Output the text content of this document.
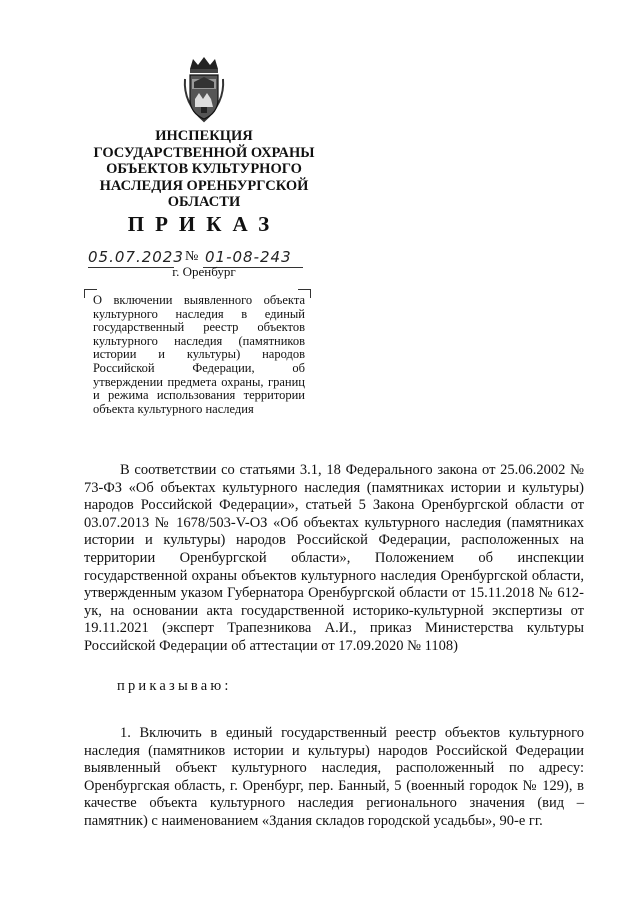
ИНСПЕКЦИЯ
ГОСУДАРСТВЕННОЙ ОХРАНЫ
ОБЪЕКТОВ КУЛЬТУРНОГО
НАСЛЕДИЯ ОРЕНБУРГСКОЙ
ОБЛАСТИ
ПРИКАЗ
05.07.2023 № 01-08-243
г. Оренбург
О включении выявленного объекта культурного наследия в единый государственный реестр объектов культурного наследия (памятников истории и культуры) народов Российской Федерации, об утверждении предмета охраны, границ и режима использования территории объекта культурного наследия
В соответствии со статьями 3.1, 18 Федерального закона от 25.06.2002 № 73-ФЗ «Об объектах культурного наследия (памятниках истории и культуры) народов Российской Федерации», статьей 5 Закона Оренбургской области от 03.07.2013 № 1678/503-V-ОЗ «Об объектах культурного наследия (памятниках истории и культуры) народов Российской Федерации, расположенных на территории Оренбургской области», Положением об инспекции государственной охраны объектов культурного наследия Оренбургской области, утвержденным указом Губернатора Оренбургской области от 15.11.2018 № 612-ук, на основании акта государственной историко-культурной экспертизы от 19.11.2021 (эксперт Трапезникова А.И., приказ Министерства культуры Российской Федерации об аттестации от 17.09.2020 № 1108)
приказываю:
1. Включить в единый государственный реестр объектов культурного наследия (памятников истории и культуры) народов Российской Федерации выявленный объект культурного наследия, расположенный по адресу: Оренбургская область, г. Оренбург, пер. Банный, 5 (военный городок № 129), в качестве объекта культурного наследия регионального значения (вид – памятник) с наименованием «Здания складов городской усадьбы», 90-е гг.
